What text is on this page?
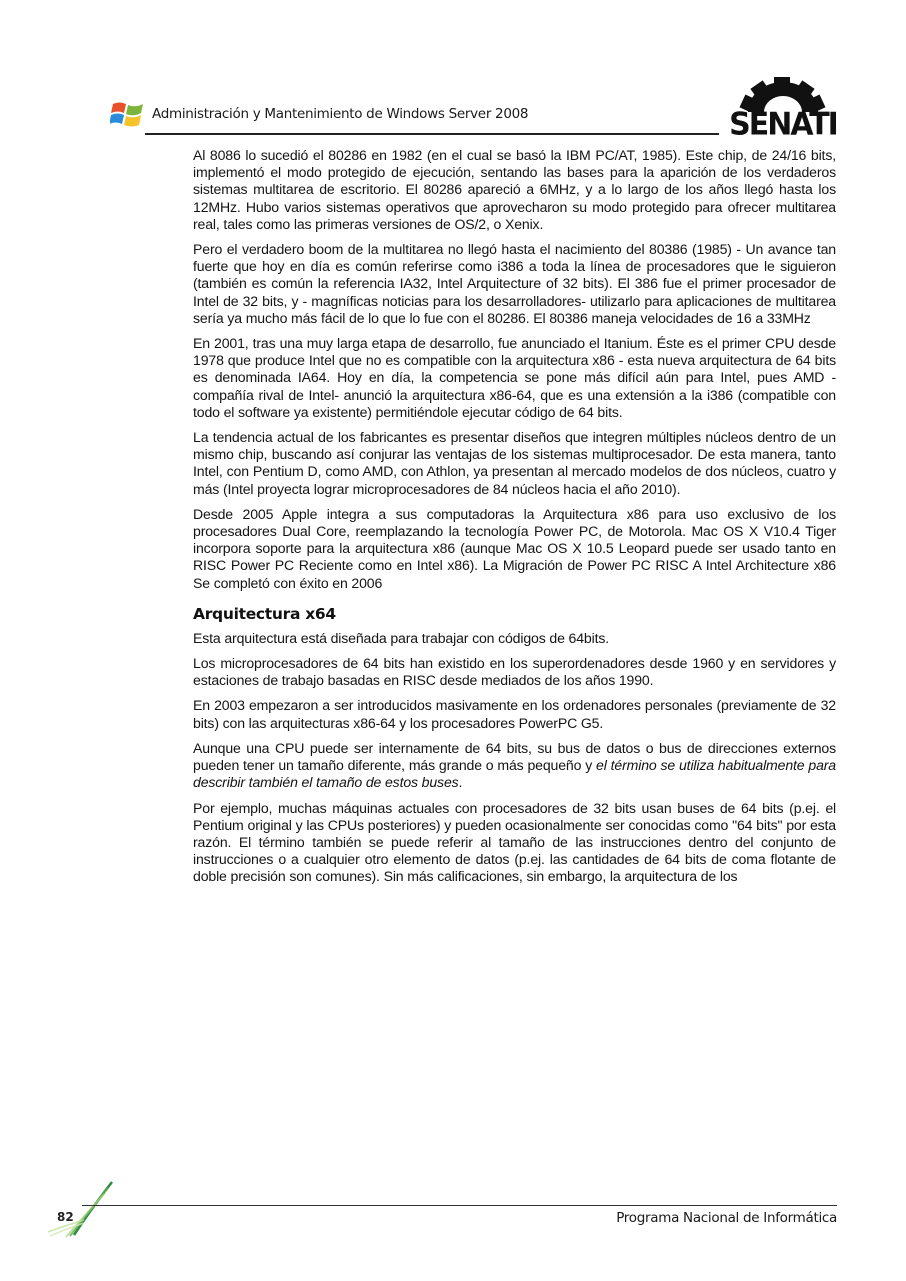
Administración y Mantenimiento de Windows Server 2008	SENATI

Al 8086 lo sucedió el 80286 en 1982 (en el cual se basó la IBM PC/AT, 1985). Este chip, de 24/16 bits, implementó el modo protegido de ejecución, sentando las bases para la aparición de los verdaderos sistemas multitarea de escritorio. El 80286 apareció a 6MHz, y a lo largo de los años llegó hasta los 12MHz. Hubo varios sistemas operativos que aprovecharon su modo protegido para ofrecer multitarea real, tales como las primeras versiones de OS/2, o Xenix.

Pero el verdadero boom de la multitarea no llegó hasta el nacimiento del 80386 (1985) - Un avance tan fuerte que hoy en día es común referirse como i386 a toda la línea de procesadores que le siguieron (también es común la referencia IA32, Intel Arquitecture of 32 bits). El 386 fue el primer procesador de Intel de 32 bits, y - magníficas noticias para los desarrolladores- utilizarlo para aplicaciones de multitarea sería ya mucho más fácil de lo que lo fue con el 80286. El 80386 maneja velocidades de 16 a 33MHz

En 2001, tras una muy larga etapa de desarrollo, fue anunciado el Itanium. Éste es el primer CPU desde 1978 que produce Intel que no es compatible con la arquitectura x86 - esta nueva arquitectura de 64 bits es denominada IA64. Hoy en día, la competencia se pone más difícil aún para Intel, pues AMD -compañía rival de Intel- anunció la arquitectura x86-64, que es una extensión a la i386 (compatible con todo el software ya existente) permitiéndole ejecutar código de 64 bits.

La tendencia actual de los fabricantes es presentar diseños que integren múltiples núcleos dentro de un mismo chip, buscando así conjurar las ventajas de los sistemas multiprocesador. De esta manera, tanto Intel, con Pentium D, como AMD, con Athlon, ya presentan al mercado modelos de dos núcleos, cuatro y más (Intel proyecta lograr microprocesadores de 84 núcleos hacia el año 2010).

Desde 2005 Apple integra a sus computadoras la Arquitectura x86 para uso exclusivo de los procesadores Dual Core, reemplazando la tecnología Power PC, de Motorola. Mac OS X V10.4 Tiger incorpora soporte para la arquitectura x86 (aunque Mac OS X 10.5 Leopard puede ser usado tanto en RISC Power PC Reciente como en Intel x86). La Migración de Power PC RISC A Intel Architecture x86 Se completó con éxito en 2006

Arquitectura x64

Esta arquitectura está diseñada para trabajar con códigos de 64bits.

Los microprocesadores de 64 bits han existido en los superordenadores desde 1960 y en servidores y estaciones de trabajo basadas en RISC desde mediados de los años 1990.

En 2003 empezaron a ser introducidos masivamente en los ordenadores personales (previamente de 32 bits) con las arquitecturas x86-64 y los procesadores PowerPC G5.

Aunque una CPU puede ser internamente de 64 bits, su bus de datos o bus de direcciones externos pueden tener un tamaño diferente, más grande o más pequeño y el término se utiliza habitualmente para describir también el tamaño de estos buses.

Por ejemplo, muchas máquinas actuales con procesadores de 32 bits usan buses de 64 bits (p.ej. el Pentium original y las CPUs posteriores) y pueden ocasionalmente ser conocidas como "64 bits" por esta razón. El término también se puede referir al tamaño de las instrucciones dentro del conjunto de instrucciones o a cualquier otro elemento de datos (p.ej. las cantidades de 64 bits de coma flotante de doble precisión son comunes). Sin más calificaciones, sin embargo, la arquitectura de los

82	Programa Nacional de Informática
